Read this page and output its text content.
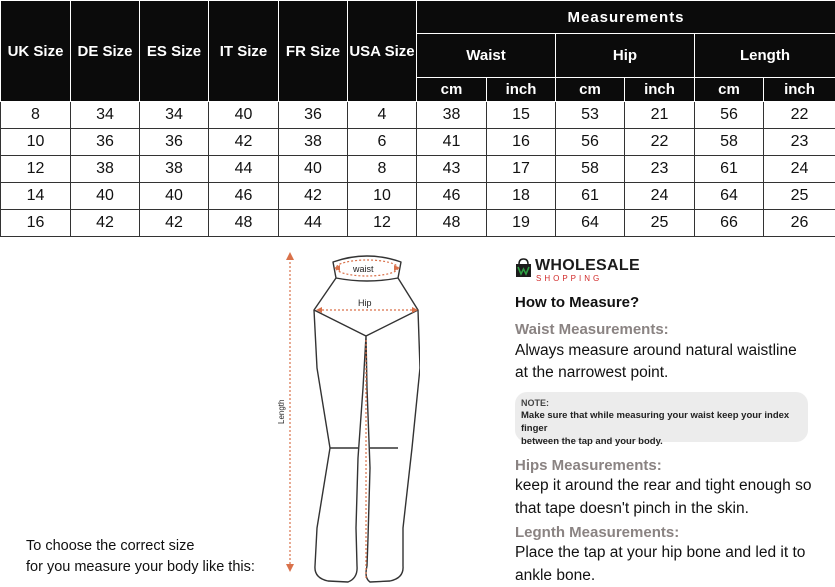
UK Size	DE Size	ES Size	IT Size	FR Size	USA Size	Measurements					
						Waist		Hip		Length	
						cm	inch	cm	inch	cm	inch
8	34	34	40	36	4	38	15	53	21	56	22
10	36	36	42	38	6	41	16	56	22	58	23
12	38	38	44	40	8	43	17	58	23	61	24
14	40	40	46	42	10	46	18	61	24	64	25
16	42	42	48	44	12	48	19	64	25	66	26
waist
Hip
Length
WHOLESALE
SHOPPING
How to Measure?
Waist Measurements:
Always measure around natural waistline
at the narrowest point.
NOTE:
Make sure that while measuring your waist keep your index finger
between the tap and your body.
Hips Measurements:
keep it around the rear and tight enough so
that tape doesn't pinch in the skin.
Legnth Measurements:
Place the tap at your hip bone and led it to
ankle bone.
To choose the correct size
for you measure your body like this:
